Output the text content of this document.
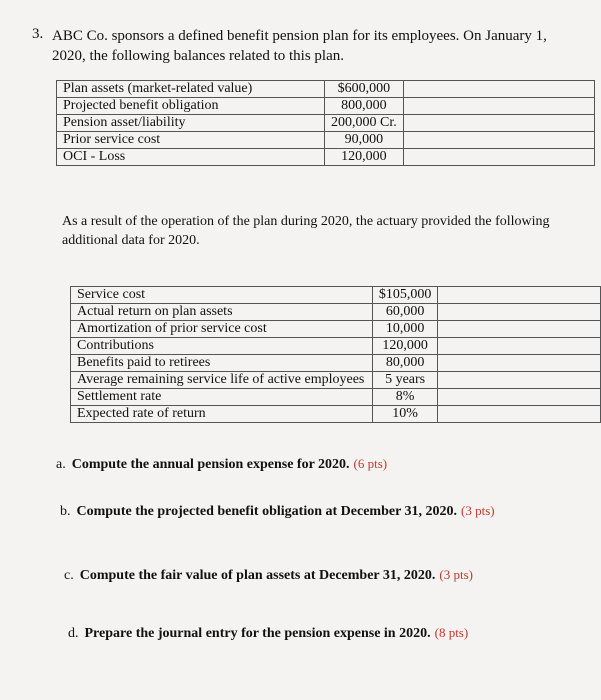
3. ABC Co. sponsors a defined benefit pension plan for its employees. On January 1, 2020, the following balances related to this plan.
Plan assets (market-related value)	$600,000	
Projected benefit obligation	800,000	
Pension asset/liability	200,000 Cr.	
Prior service cost	90,000	
OCI - Loss	120,000	
As a result of the operation of the plan during 2020, the actuary provided the following additional data for 2020.
Service cost	$105,000	
Actual return on plan assets	60,000	
Amortization of prior service cost	10,000	
Contributions	120,000	
Benefits paid to retirees	80,000	
Average remaining service life of active employees	5 years	
Settlement rate	8%	
Expected rate of return	10%	
a. Compute the annual pension expense for 2020. (6 pts)
b. Compute the projected benefit obligation at December 31, 2020. (3 pts)
c. Compute the fair value of plan assets at December 31, 2020. (3 pts)
d. Prepare the journal entry for the pension expense in 2020. (8 pts)
